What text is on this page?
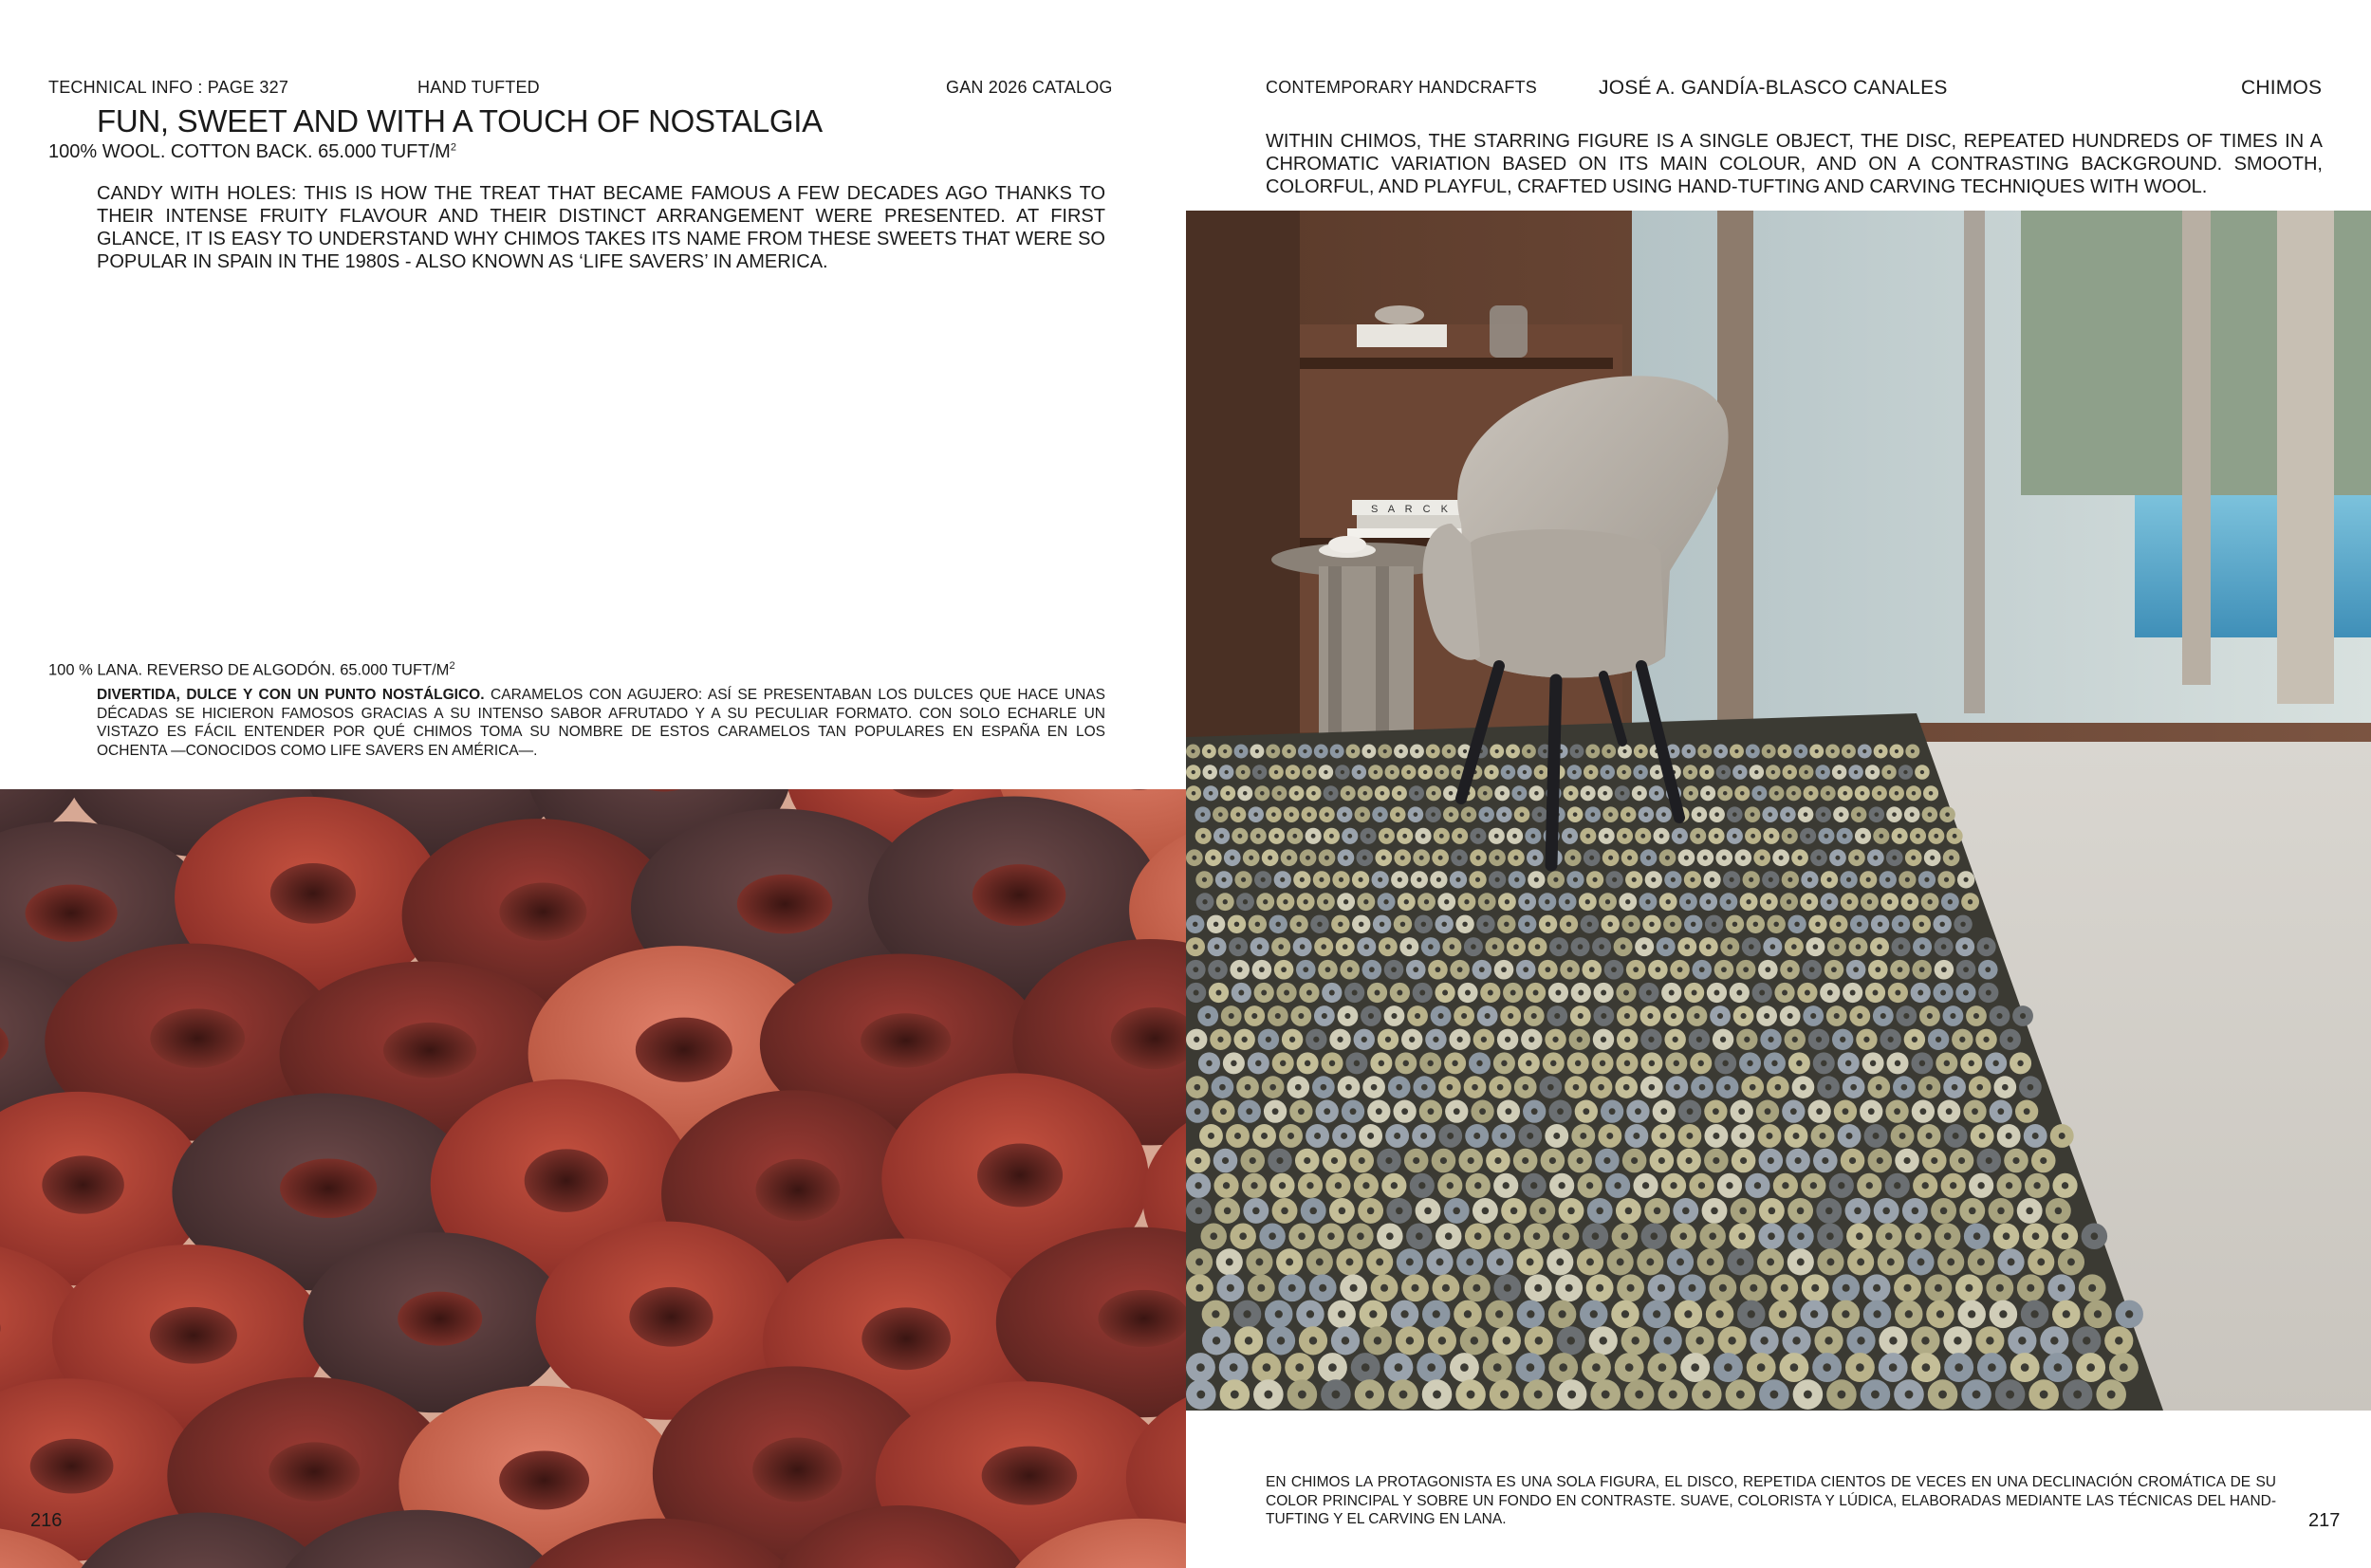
TECHNICAL INFO : PAGE 327	HAND TUFTED	GAN 2026 CATALOG
FUN, SWEET AND WITH A TOUCH OF NOSTALGIA
100% WOOL. COTTON BACK. 65.000 TUFT/$M^2$
CANDY WITH HOLES: THIS IS HOW THE TREAT THAT BECAME FAMOUS A FEW DECADES AGO THANKS TO THEIR INTENSE FRUITY FLAVOUR AND THEIR DISTINCT ARRANGEMENT WERE PRESENTED. AT FIRST GLANCE, IT IS EASY TO UNDERSTAND WHY CHIMOS TAKES ITS NAME FROM THESE SWEETS THAT WERE SO POPULAR IN SPAIN IN THE 1980S - ALSO KNOWN AS ‘LIFE SAVERS’ IN AMERICA.
100 % LANA. REVERSO DE ALGODÓN. 65.000 TUFT/$M^2$
DIVERTIDA, DULCE Y CON UN PUNTO NOSTÁLGICO. CARAMELOS CON AGUJERO: ASÍ SE PRESENTABAN LOS DULCES QUE HACE UNAS DÉCADAS SE HICIERON FAMOSOS GRACIAS A SU INTENSO SABOR AFRUTADO Y A SU PECULIAR FORMATO. CON SOLO ECHARLE UN VISTAZO ES FÁCIL ENTENDER POR QUÉ CHIMOS TOMA SU NOMBRE DE ESTOS CARAMELOS TAN POPULARES EN ESPAÑA EN LOS OCHENTA —CONOCIDOS COMO LIFE SAVERS EN AMÉRICA—.
216
CONTEMPORARY HANDCRAFTS	JOSÉ A. GANDÍA-BLASCO CANALES	CHIMOS
WITHIN CHIMOS, THE STARRING FIGURE IS A SINGLE OBJECT, THE DISC, REPEATED HUNDREDS OF TIMES IN A CHROMATIC VARIATION BASED ON ITS MAIN COLOUR, AND ON A CONTRASTING BACKGROUND. SMOOTH, COLORFUL, AND PLAYFUL, CRAFTED USING HAND-TUFTING AND CARVING TECHNIQUES WITH WOOL.
S A R C K
EN CHIMOS LA PROTAGONISTA ES UNA SOLA FIGURA, EL DISCO, REPETIDA CIENTOS DE VECES EN UNA DECLINACIÓN CROMÁTICA DE SU COLOR PRINCIPAL Y SOBRE UN FONDO EN CONTRASTE. SUAVE, COLORISTA Y LÚDICA, ELABORADAS MEDIANTE LAS TÉCNICAS DEL HAND-TUFTING Y EL CARVING EN LANA.	217
